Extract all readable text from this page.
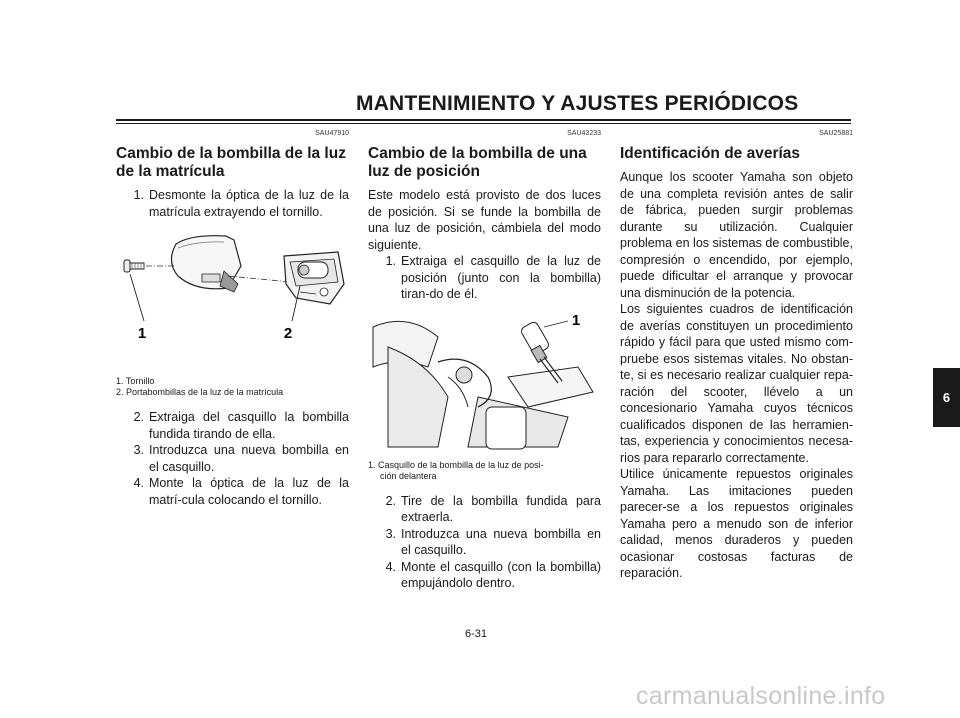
MANTENIMIENTO Y AJUSTES PERIÓDICOS
SAU47910
Cambio de la bombilla de la luz de la matrícula
1. Desmonte la óptica de la luz de la matrícula extrayendo el tornillo.
1	2
1. Tornillo
2. Portabombillas de la luz de la matrícula
2. Extraiga del casquillo la bombilla fundida tirando de ella.
3. Introduzca una nueva bombilla en el casquillo.
4. Monte la óptica de la luz de la matrí-cula colocando el tornillo.
SAU43233
Cambio de la bombilla de una luz de posición

Este modelo está provisto de dos luces de posición. Si se funde la bombilla de una luz de posición, cámbiela del modo siguiente.

1. Extraiga el casquillo de la luz de posición (junto con la bombilla) tiran-do de él.
1
1. Casquillo de la bombilla de la luz de posi-
ción delantera
2. Tire de la bombilla fundida para extraerla.
3. Introduzca una nueva bombilla en el casquillo.
4. Monte el casquillo (con la bombilla) empujándolo dentro.
SAU25881
Identificación de averías

Aunque los scooter Yamaha son objeto de una completa revisión antes de salir de fábrica, pueden surgir problemas durante su utilización. Cualquier problema en los sistemas de combustible, compresión o encendido, por ejemplo, puede dificultar el arranque y provocar una disminución de la potencia.

Los siguientes cuadros de identificación de averías constituyen un procedimiento rápido y fácil para que usted mismo com-pruebe esos sistemas vitales. No obstan-te, si es necesario realizar cualquier repa-ración del scooter, llévelo a un concesionario Yamaha cuyos técnicos cualificados disponen de las herramien-tas, experiencia y conocimientos necesa-rios para repararlo correctamente.

Utilice únicamente repuestos originales Yamaha. Las imitaciones pueden parecer-se a los repuestos originales Yamaha pero a menudo son de inferior calidad, menos duraderos y pueden ocasionar costosas facturas de reparación.

6
6-31
carmanualsonline.info
